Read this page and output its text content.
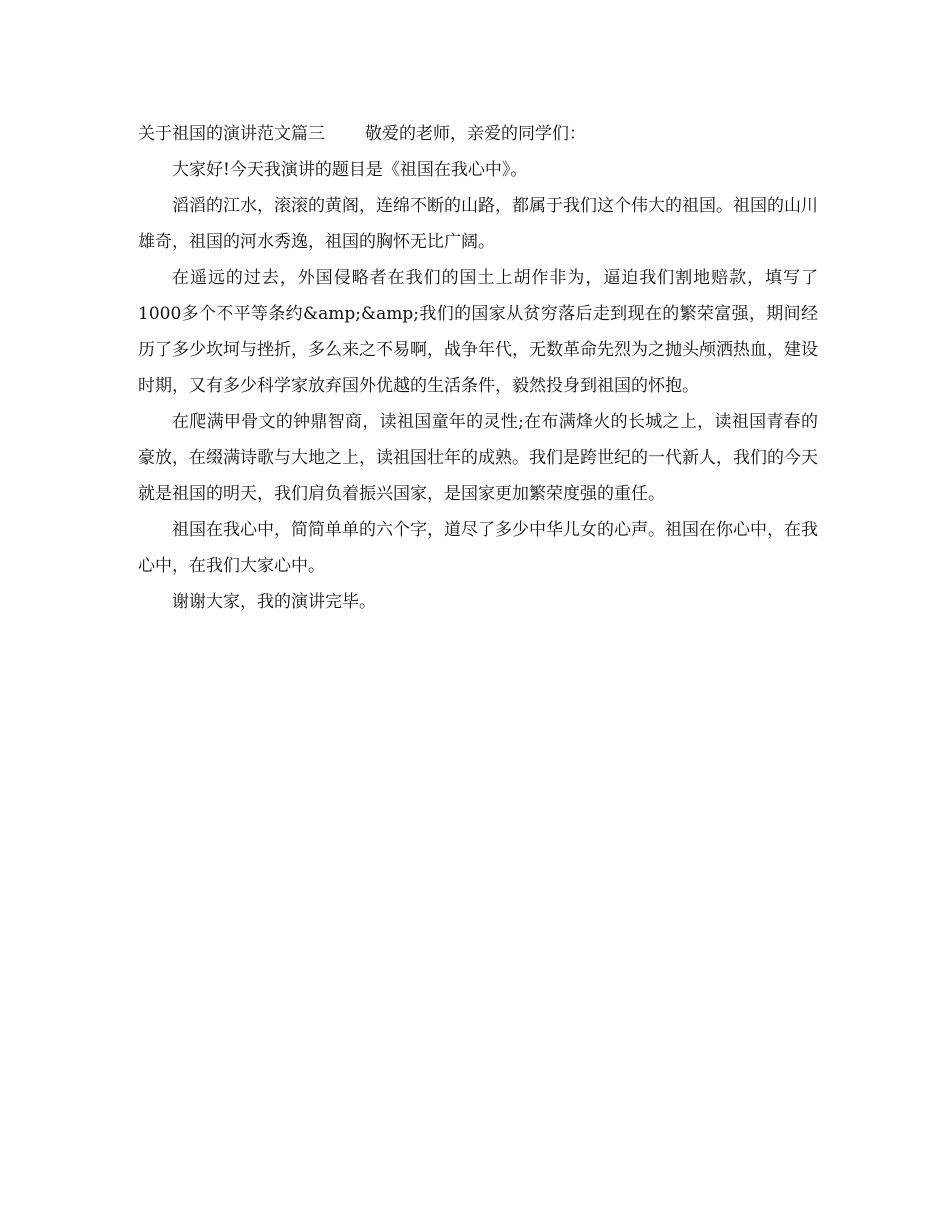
关于祖国的演讲范文篇三 敬爱的老师，亲爱的同学们：

大家好!今天我演讲的题目是《祖国在我心中》。

滔滔的江水，滚滚的黄阁，连绵不断的山路，都属于我们这个伟大的祖国。祖国的山川雄奇，祖国的河水秀逸，祖国的胸怀无比广阔。

在遥远的过去，外国侵略者在我们的国土上胡作非为，逼迫我们割地赔款，填写了1000多个不平等条约&amp;&amp;我们的国家从贫穷落后走到现在的繁荣富强，期间经历了多少坎坷与挫折，多么来之不易啊，战争年代，无数革命先烈为之抛头颅洒热血，建设时期，又有多少科学家放弃国外优越的生活条件，毅然投身到祖国的怀抱。

在爬满甲骨文的钟鼎智商，读祖国童年的灵性;在布满烽火的长城之上，读祖国青春的豪放，在缀满诗歌与大地之上，读祖国壮年的成熟。我们是跨世纪的一代新人，我们的今天就是祖国的明天，我们肩负着振兴国家，是国家更加繁荣度强的重任。

祖国在我心中，简简单单的六个字，道尽了多少中华儿女的心声。祖国在你心中，在我心中，在我们大家心中。

谢谢大家，我的演讲完毕。
